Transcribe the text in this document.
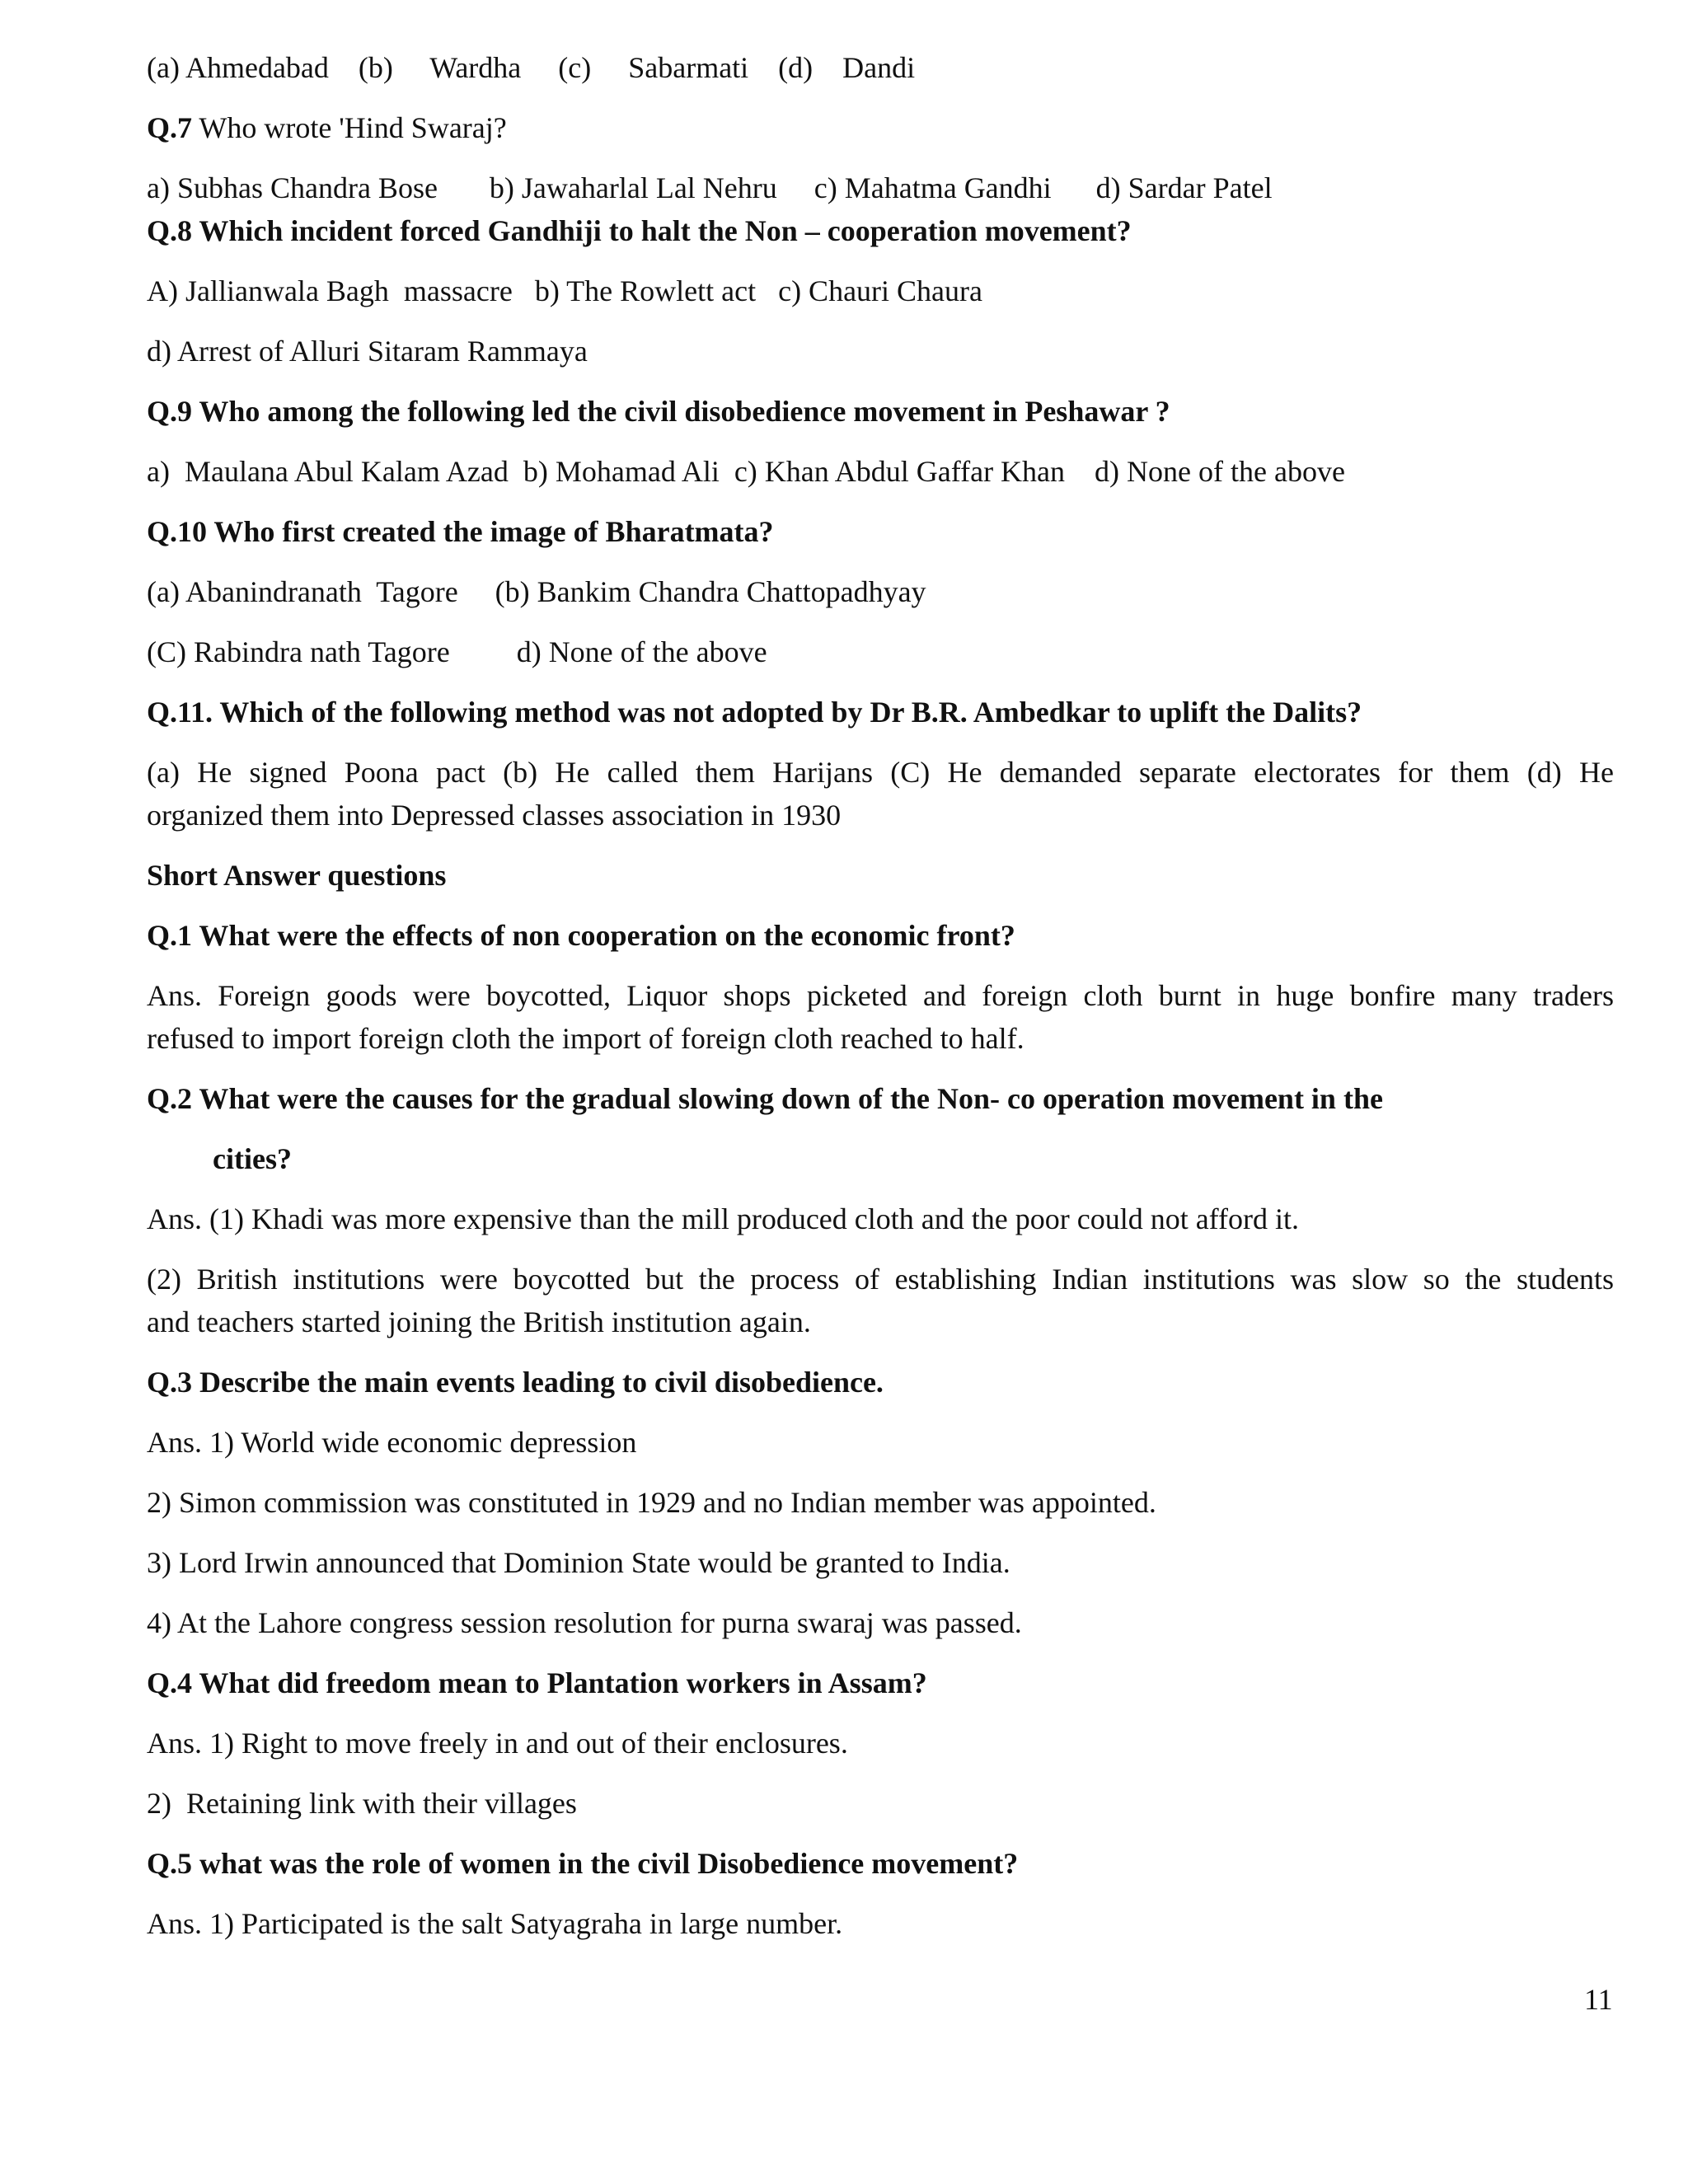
(a) Ahmedabad    (b)     Wardha     (c)     Sabarmati    (d)    Dandi
Q.7 Who wrote 'Hind Swaraj?
a) Subhas Chandra Bose       b) Jawaharlal Lal Nehru     c) Mahatma Gandhi      d) Sardar Patel
Q.8 Which incident forced Gandhiji to halt the Non – cooperation movement?
A) Jallianwala Bagh  massacre   b) The Rowlett act   c) Chauri Chaura
d) Arrest of Alluri Sitaram Rammaya
Q.9 Who among the following led the civil disobedience movement in Peshawar ?
a)  Maulana Abul Kalam Azad  b) Mohamad Ali  c) Khan Abdul Gaffar Khan    d) None of the above
Q.10 Who first created the image of Bharatmata?
(a) Abanindranath  Tagore     (b) Bankim Chandra Chattopadhyay
(C) Rabindra nath Tagore         d) None of the above
Q.11. Which of the following method was not adopted by Dr B.R. Ambedkar to uplift the Dalits?
(a) He signed Poona pact (b) He called them Harijans (C) He demanded separate electorates for them (d) He
organized them into Depressed classes association in 1930
Short Answer questions
Q.1 What were the effects of non cooperation on the economic front?
Ans. Foreign goods were boycotted, Liquor shops picketed and foreign cloth burnt in huge bonfire many traders
refused to import foreign cloth the import of foreign cloth reached to half.
Q.2 What were the causes for the gradual slowing down of the Non- co operation movement in the
cities?
Ans. (1) Khadi was more expensive than the mill produced cloth and the poor could not afford it.
(2) British institutions were boycotted but the process of establishing Indian institutions was slow so the students
and teachers started joining the British institution again.
Q.3 Describe the main events leading to civil disobedience.
Ans. 1) World wide economic depression
2) Simon commission was constituted in 1929 and no Indian member was appointed.
3) Lord Irwin announced that Dominion State would be granted to India.
4) At the Lahore congress session resolution for purna swaraj was passed.
Q.4 What did freedom mean to Plantation workers in Assam?
Ans. 1) Right to move freely in and out of their enclosures.
2)  Retaining link with their villages
Q.5 what was the role of women in the civil Disobedience movement?
Ans. 1) Participated is the salt Satyagraha in large number.
11
